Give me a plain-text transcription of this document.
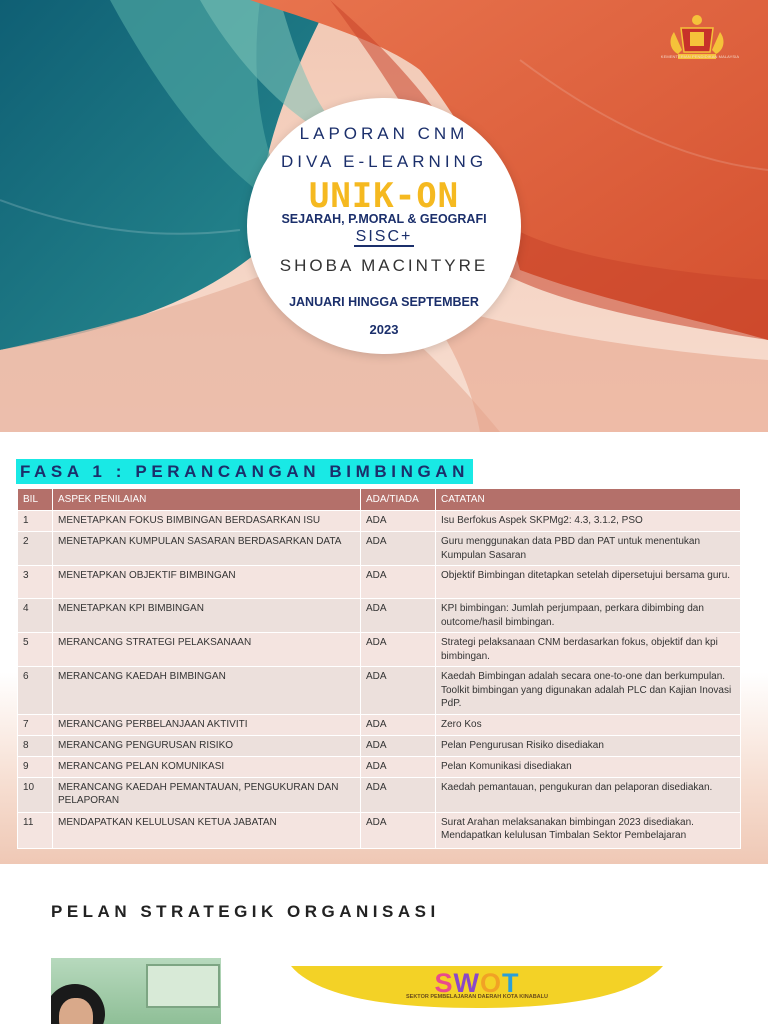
KEMENTERIAN PENDIDIKAN MALAYSIA
LAPORAN CNM
DIVA E-LEARNING
UNIK-ON
SEJARAH, P.MORAL & GEOGRAFI
SISC+
SHOBA MACINTYRE
JANUARI HINGGA SEPTEMBER
2023
FASA 1 : PERANCANGAN BIMBINGAN
BIL	ASPEK PENILAIAN	ADA/TIADA	CATATAN
1	MENETAPKAN FOKUS BIMBINGAN BERDASARKAN ISU	ADA	Isu Berfokus Aspek SKPMg2: 4.3, 3.1.2, PSO
2	MENETAPKAN KUMPULAN SASARAN BERDASARKAN DATA	ADA	Guru menggunakan data PBD dan PAT untuk menentukan Kumpulan Sasaran
3	MENETAPKAN OBJEKTIF BIMBINGAN	ADA	Objektif Bimbingan ditetapkan setelah dipersetujui bersama guru.
4	MENETAPKAN KPI BIMBINGAN	ADA	KPI bimbingan: Jumlah perjumpaan, perkara dibimbing dan outcome/hasil bimbingan.
5	MERANCANG STRATEGI PELAKSANAAN	ADA	Strategi pelaksanaan CNM berdasarkan fokus, objektif dan kpi bimbingan.
6	MERANCANG KAEDAH BIMBINGAN	ADA	Kaedah Bimbingan adalah secara one-to-one dan berkumpulan. Toolkit bimbingan yang digunakan adalah PLC dan Kajian Inovasi PdP.
7	MERANCANG PERBELANJAAN AKTIVITI	ADA	Zero Kos
8	MERANCANG PENGURUSAN RISIKO	ADA	Pelan Pengurusan Risiko disediakan
9	MERANCANG PELAN KOMUNIKASI	ADA	Pelan Komunikasi disediakan
10	MERANCANG KAEDAH PEMANTAUAN, PENGUKURAN DAN PELAPORAN	ADA	Kaedah pemantauan, pengukuran dan pelaporan disediakan.
11	MENDAPATKAN KELULUSAN KETUA JABATAN	ADA	Surat Arahan melaksanakan bimbingan 2023 disediakan. Mendapatkan kelulusan Timbalan Sektor Pembelajaran
PELAN STRATEGIK ORGANISASI
SWOT
SEKTOR PEMBELAJARAN DAERAH KOTA KINABALU
